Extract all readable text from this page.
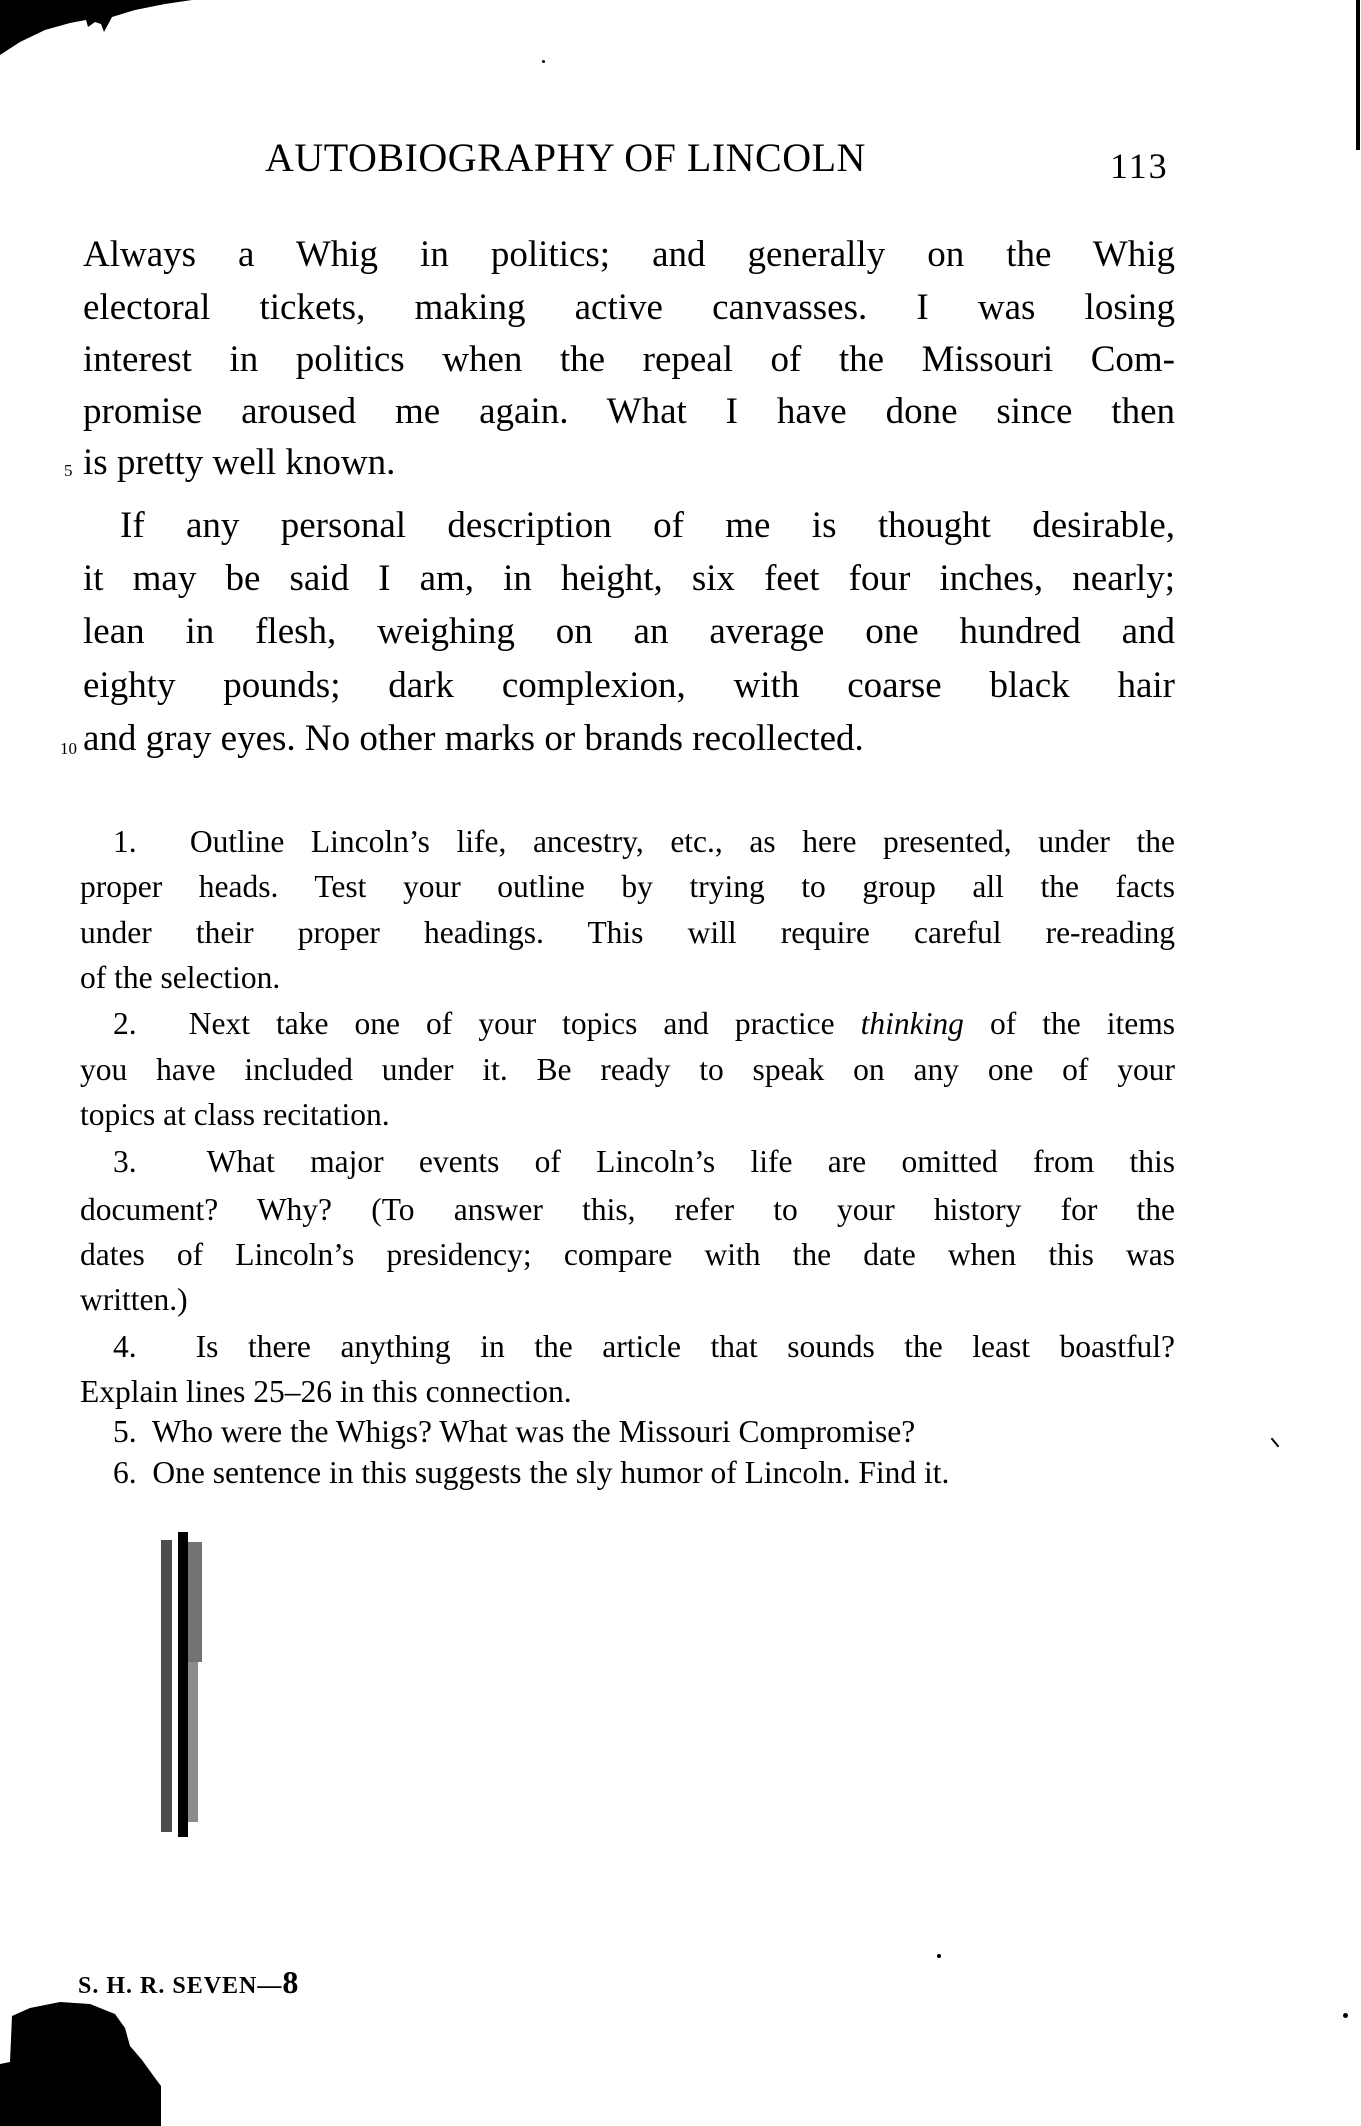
AUTOBIOGRAPHY OF LINCOLN	113
Always a Whig in politics; and generally on the Whig
electoral tickets, making active canvasses. I was losing
interest in politics when the repeal of the Missouri Com-
promise aroused me again. What I have done since then
5 is pretty well known.
If any personal description of me is thought desirable,
it may be said I am, in height, six feet four inches, nearly;
lean in flesh, weighing on an average one hundred and
eighty pounds; dark complexion, with coarse black hair
10 and gray eyes. No other marks or brands recollected.
1. Outline Lincoln’s life, ancestry, etc., as here presented, under the
proper heads. Test your outline by trying to group all the facts
under their proper headings. This will require careful re-reading
of the selection.
2. Next take one of your topics and practice thinking of the items
you have included under it. Be ready to speak on any one of your
topics at class recitation.
3. What major events of Lincoln’s life are omitted from this
document? Why? (To answer this, refer to your history for the
dates of Lincoln’s presidency; compare with the date when this was
written.)
4. Is there anything in the article that sounds the least boastful?
Explain lines 25–26 in this connection.
5. Who were the Whigs? What was the Missouri Compromise?
6. One sentence in this suggests the sly humor of Lincoln. Find it.
S. H. R. SEVEN—8
